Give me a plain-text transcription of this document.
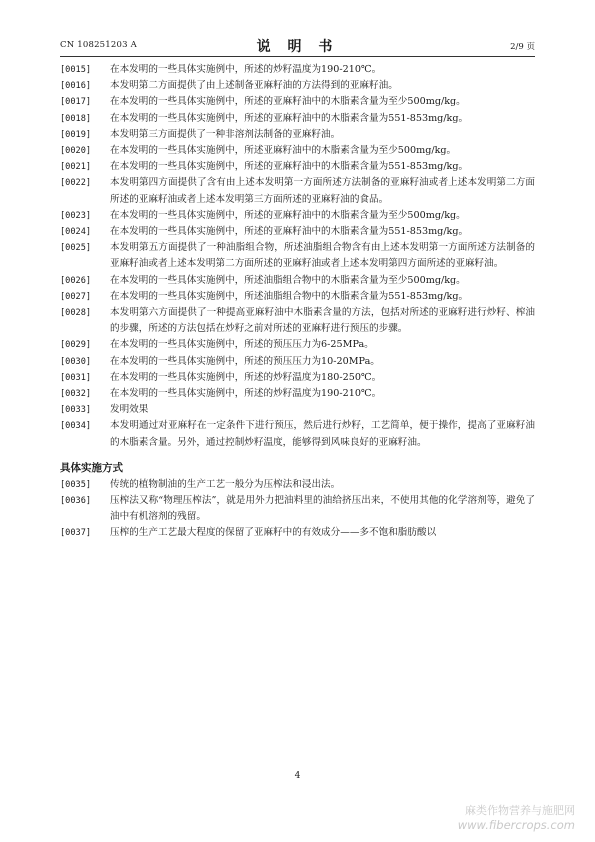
CN 108251203 A	说 明 书	2/9 页
[0015]	在本发明的一些具体实施例中，所述的炒籽温度为190-210℃。
[0016]	本发明第二方面提供了由上述制备亚麻籽油的方法得到的亚麻籽油。
[0017]	在本发明的一些具体实施例中，所述的亚麻籽油中的木脂素含量为至少500mg/kg。
[0018]	在本发明的一些具体实施例中，所述的亚麻籽油中的木脂素含量为551-853mg/kg。
[0019]	本发明第三方面提供了一种非溶剂法制备的亚麻籽油。
[0020]	在本发明的一些具体实施例中，所述亚麻籽油中的木脂素含量为至少500mg/kg。
[0021]	在本发明的一些具体实施例中，所述的亚麻籽油中的木脂素含量为551-853mg/kg。
[0022]	本发明第四方面提供了含有由上述本发明第一方面所述方法制备的亚麻籽油或者上述本发明第二方面所述的亚麻籽油或者上述本发明第三方面所述的亚麻籽油的食品。
[0023]	在本发明的一些具体实施例中，所述的亚麻籽油中的木脂素含量为至少500mg/kg。
[0024]	在本发明的一些具体实施例中，所述的亚麻籽油中的木脂素含量为551-853mg/kg。
[0025]	本发明第五方面提供了一种油脂组合物，所述油脂组合物含有由上述本发明第一方面所述方法制备的亚麻籽油或者上述本发明第二方面所述的亚麻籽油或者上述本发明第四方面所述的亚麻籽油。
[0026]	在本发明的一些具体实施例中，所述油脂组合物中的木脂素含量为至少500mg/kg。
[0027]	在本发明的一些具体实施例中，所述油脂组合物中的木脂素含量为551-853mg/kg。
[0028]	本发明第六方面提供了一种提高亚麻籽油中木脂素含量的方法，包括对所述的亚麻籽进行炒籽、榨油的步骤，所述的方法包括在炒籽之前对所述的亚麻籽进行预压的步骤。
[0029]	在本发明的一些具体实施例中，所述的预压压力为6-25MPa。
[0030]	在本发明的一些具体实施例中，所述的预压压力为10-20MPa。
[0031]	在本发明的一些具体实施例中，所述的炒籽温度为180-250℃。
[0032]	在本发明的一些具体实施例中，所述的炒籽温度为190-210℃。
[0033]	发明效果
[0034]	本发明通过对亚麻籽在一定条件下进行预压，然后进行炒籽，工艺简单，便于操作，提高了亚麻籽油的木脂素含量。另外，通过控制炒籽温度，能够得到风味良好的亚麻籽油。
具体实施方式
[0035]	传统的植物制油的生产工艺一般分为压榨法和浸出法。
[0036]	压榨法又称“物理压榨法”，就是用外力把油料里的油给挤压出来，不使用其他的化学溶剂等，避免了油中有机溶剂的残留。
[0037]	压榨的生产工艺最大程度的保留了亚麻籽中的有效成分——多不饱和脂肪酸以
4
麻类作物营养与施肥网
www.fibercrops.com
